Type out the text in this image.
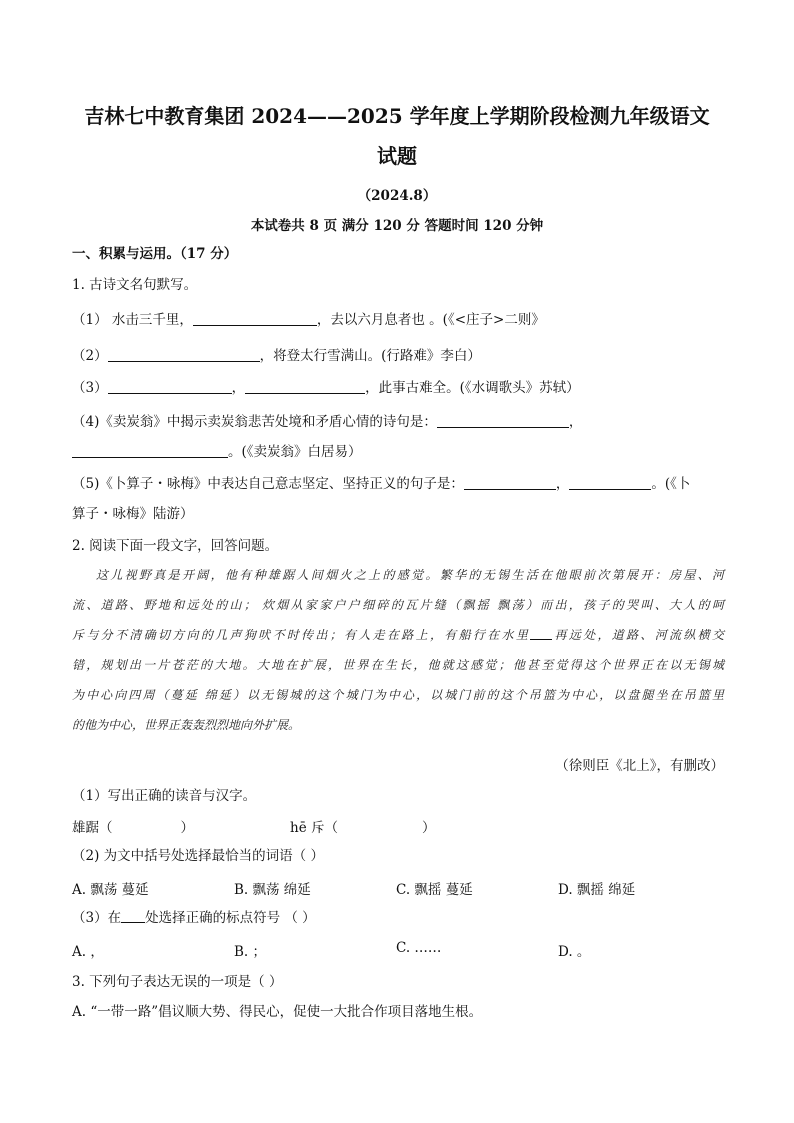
吉林七中教育集团 2024——2025 学年度上学期阶段检测九年级语文
试题
（2024.8）
本试卷共 8 页 满分 120 分 答题时间 120 分钟
一、积累与运用。（17 分）
1. 古诗文名句默写。
（1） 水击三千里，	，去以六月息者也 。(《<庄子>二则》
（2）	，将登太行雪满山。(行路难》李白）
（3）	，	，此事古难全。(《水调歌头》苏轼）
（4)《卖炭翁》中揭示卖炭翁悲苦处境和矛盾心情的诗句是：	，
。(《卖炭翁》白居易）
（5)《卜算子・咏梅》中表达自己意志坚定、坚持正义的句子是：	，	。(《卜
算子・咏梅》陆游）
2. 阅读下面一段文字，回答问题。
这儿视野真是开阔，他有种雄踞人间烟火之上的感觉。繁华的无锡生活在他眼前次第展开：房屋、河
流、道路、野地和远处的山； 炊烟从家家户户细碎的瓦片缝（飘摇 飘荡）而出，孩子的哭叫、大人的呵
斥与分不清确切方向的几声狗吠不时传出；有人走在路上，有船行在水里 再远处，道路、河流纵横交
错，规划出一片苍茫的大地。大地在扩展，世界在生长，他就这感觉；他甚至觉得这个世界正在以无锡城
为中心向四周（蔓延 绵延）以无锡城的这个城门为中心，以城门前的这个吊篮为中心，以盘腿坐在吊篮里
的他为中心，世界正轰轰烈烈地向外扩展。
（徐则臣《北上》，有删改）
（1）写出正确的读音与汉字。
雄踞（	）	hē 斥（	）
（2) 为文中括号处选择最恰当的词语（ ）
A. 飘荡 蔓延	B. 飘荡 绵延	C. 飘摇 蔓延	D. 飘摇 绵延
（3）在 处选择正确的标点符号 （ ）
A. ，	B. ；	C. ……	D. 。
3. 下列句子表达无误的一项是（ ）
A. “一带一路”倡议顺大势、得民心，促使一大批合作项目落地生根。
